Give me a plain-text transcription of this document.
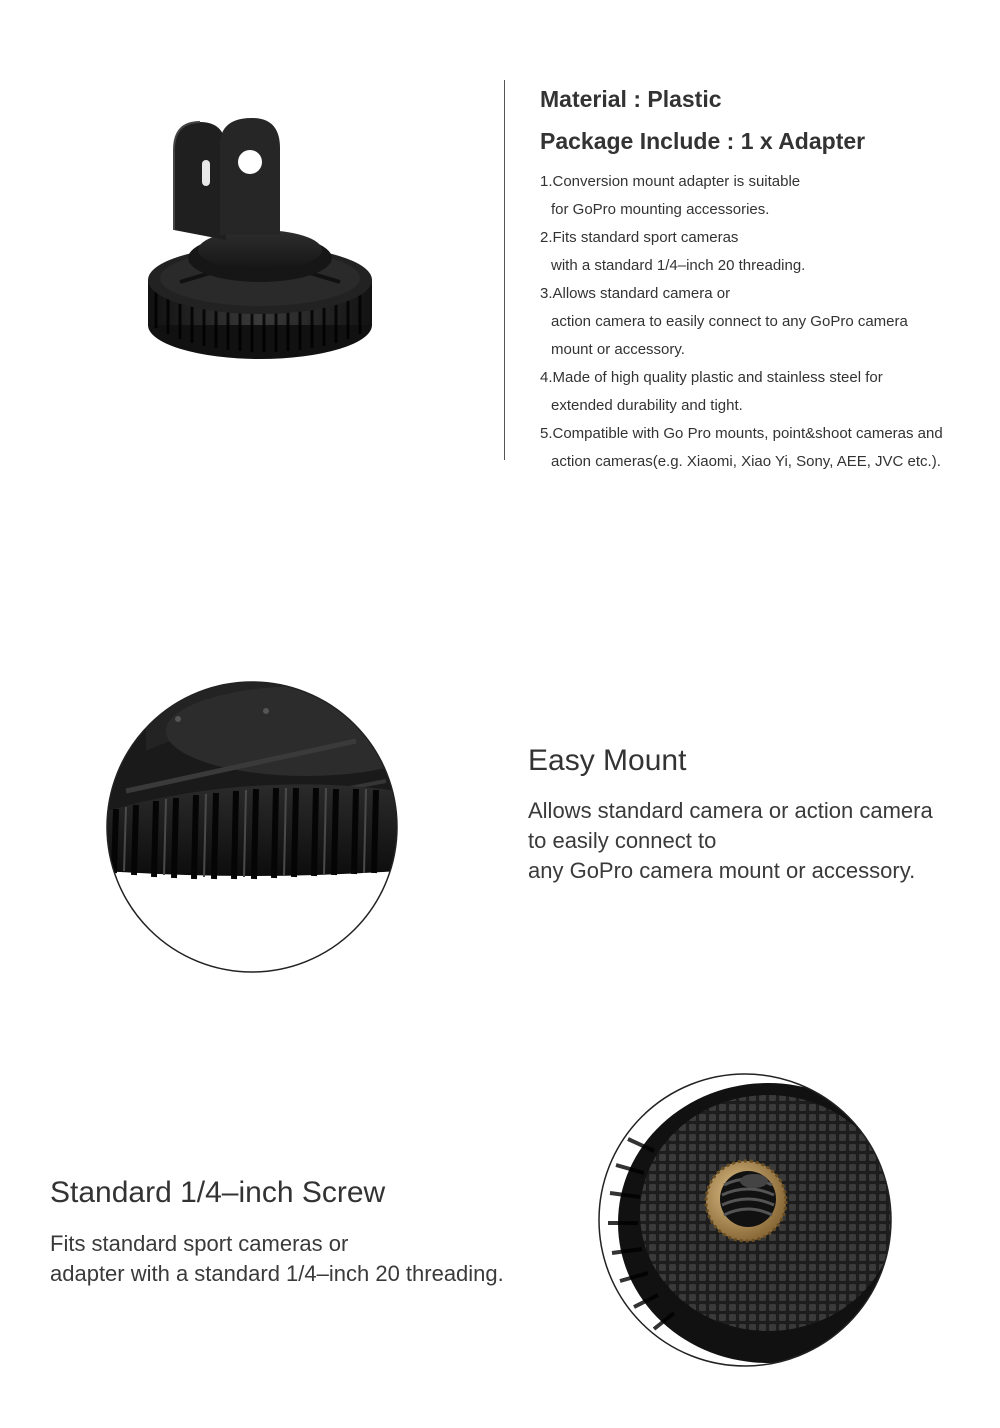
Material : Plastic
Package Include : 1 x Adapter
1.Conversion mount adapter is suitable
for GoPro mounting accessories.
2.Fits standard sport cameras
with a standard 1/4–inch 20 threading.
3.Allows standard camera or
action camera to easily connect to any GoPro camera
mount or accessory.
4.Made of high quality plastic and stainless steel for
extended durability and tight.
5.Compatible with Go Pro mounts, point&shoot cameras and
action cameras(e.g. Xiaomi, Xiao Yi, Sony, AEE, JVC etc.).
Easy Mount
Allows standard camera or action camera
to easily connect to
any GoPro camera mount or accessory.
Standard 1/4–inch Screw
Fits standard sport cameras or
adapter with a standard 1/4–inch 20 threading.
